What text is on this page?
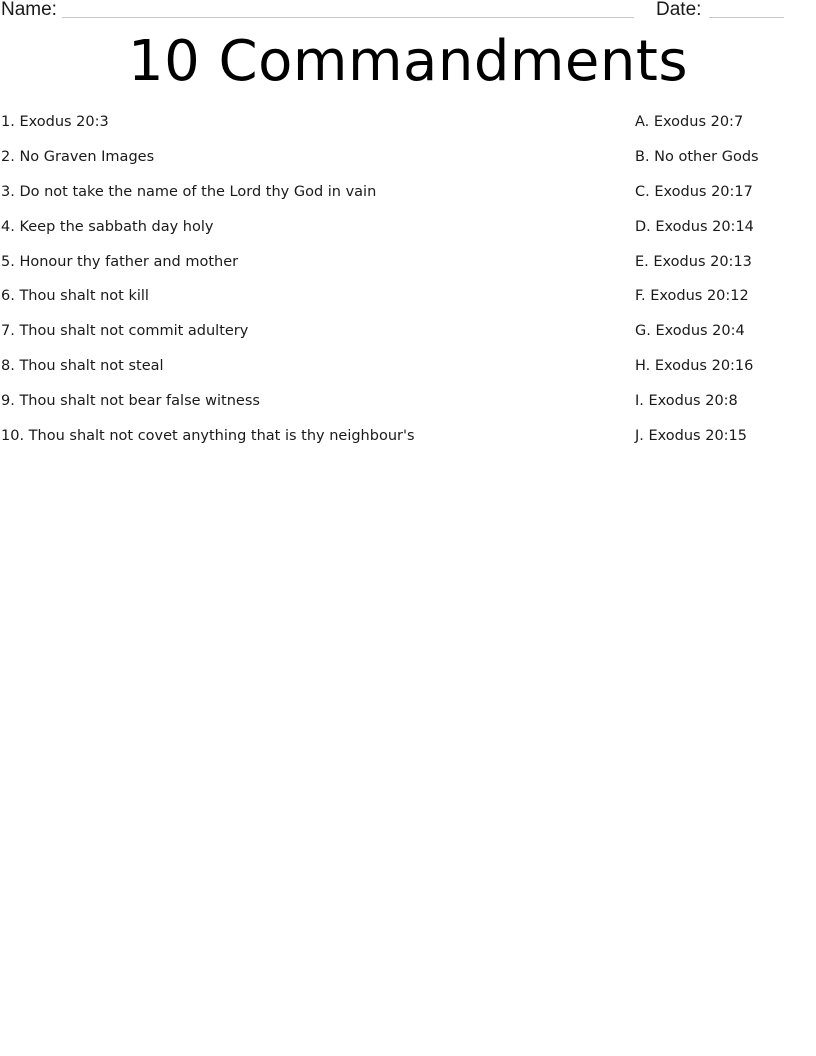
Name:	Date:
10 Commandments
1. Exodus 20:3
2. No Graven Images
3. Do not take the name of the Lord thy God in vain
4. Keep the sabbath day holy
5. Honour thy father and mother
6. Thou shalt not kill
7. Thou shalt not commit adultery
8. Thou shalt not steal
9. Thou shalt not bear false witness
10. Thou shalt not covet anything that is thy neighbour's
A. Exodus 20:7
B. No other Gods
C. Exodus 20:17
D. Exodus 20:14
E. Exodus 20:13
F. Exodus 20:12
G. Exodus 20:4
H. Exodus 20:16
I. Exodus 20:8
J. Exodus 20:15
